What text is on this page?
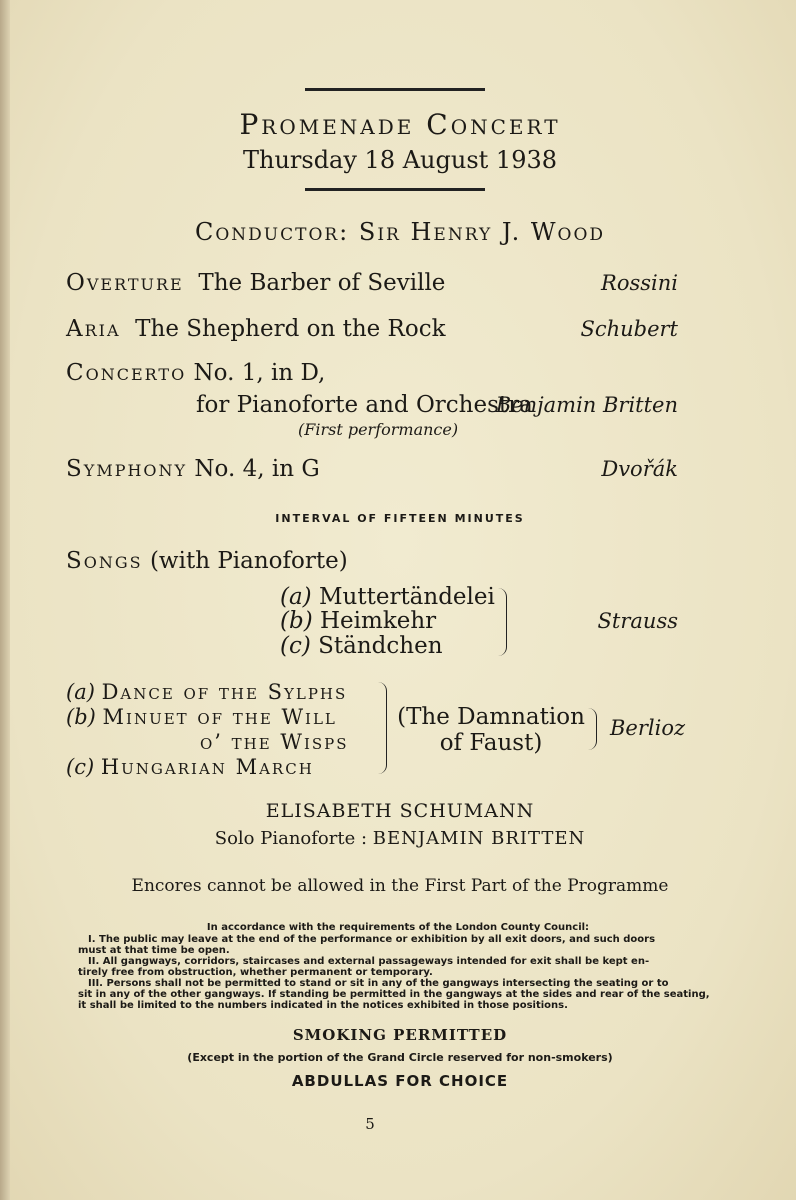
Promenade Concert
Thursday 18 August 1938
Conductor: Sir Henry J. Wood
Overture The Barber of Seville	Rossini
Aria The Shepherd on the Rock	Schubert
Concerto No. 1, in D,
for Pianoforte and Orchestra
Benjamin Britten
(First performance)
Symphony No. 4, in G	Dvořák
INTERVAL OF FIFTEEN MINUTES
Songs (with Pianoforte)
(a) Muttertändelei
(b) Heimkehr
(c) Ständchen
Strauss
(a) Dance of the Sylphs
(b) Minuet of the Will
o’ the Wisps
(c) Hungarian March
(The Damnation
of Faust)
Berlioz
ELISABETH SCHUMANN
Solo Pianoforte : BENJAMIN BRITTEN
Encores cannot be allowed in the First Part of the Programme
In accordance with the requirements of the London County Council:
I. The public may leave at the end of the performance or exhibition by all exit doors, and such doors
must at that time be open.
II. All gangways, corridors, staircases and external passageways intended for exit shall be kept en-
tirely free from obstruction, whether permanent or temporary.
III. Persons shall not be permitted to stand or sit in any of the gangways intersecting the seating or to
sit in any of the other gangways. If standing be permitted in the gangways at the sides and rear of the seating,
it shall be limited to the numbers indicated in the notices exhibited in those positions.
SMOKING PERMITTED
(Except in the portion of the Grand Circle reserved for non-smokers)
ABDULLAS FOR CHOICE
5
